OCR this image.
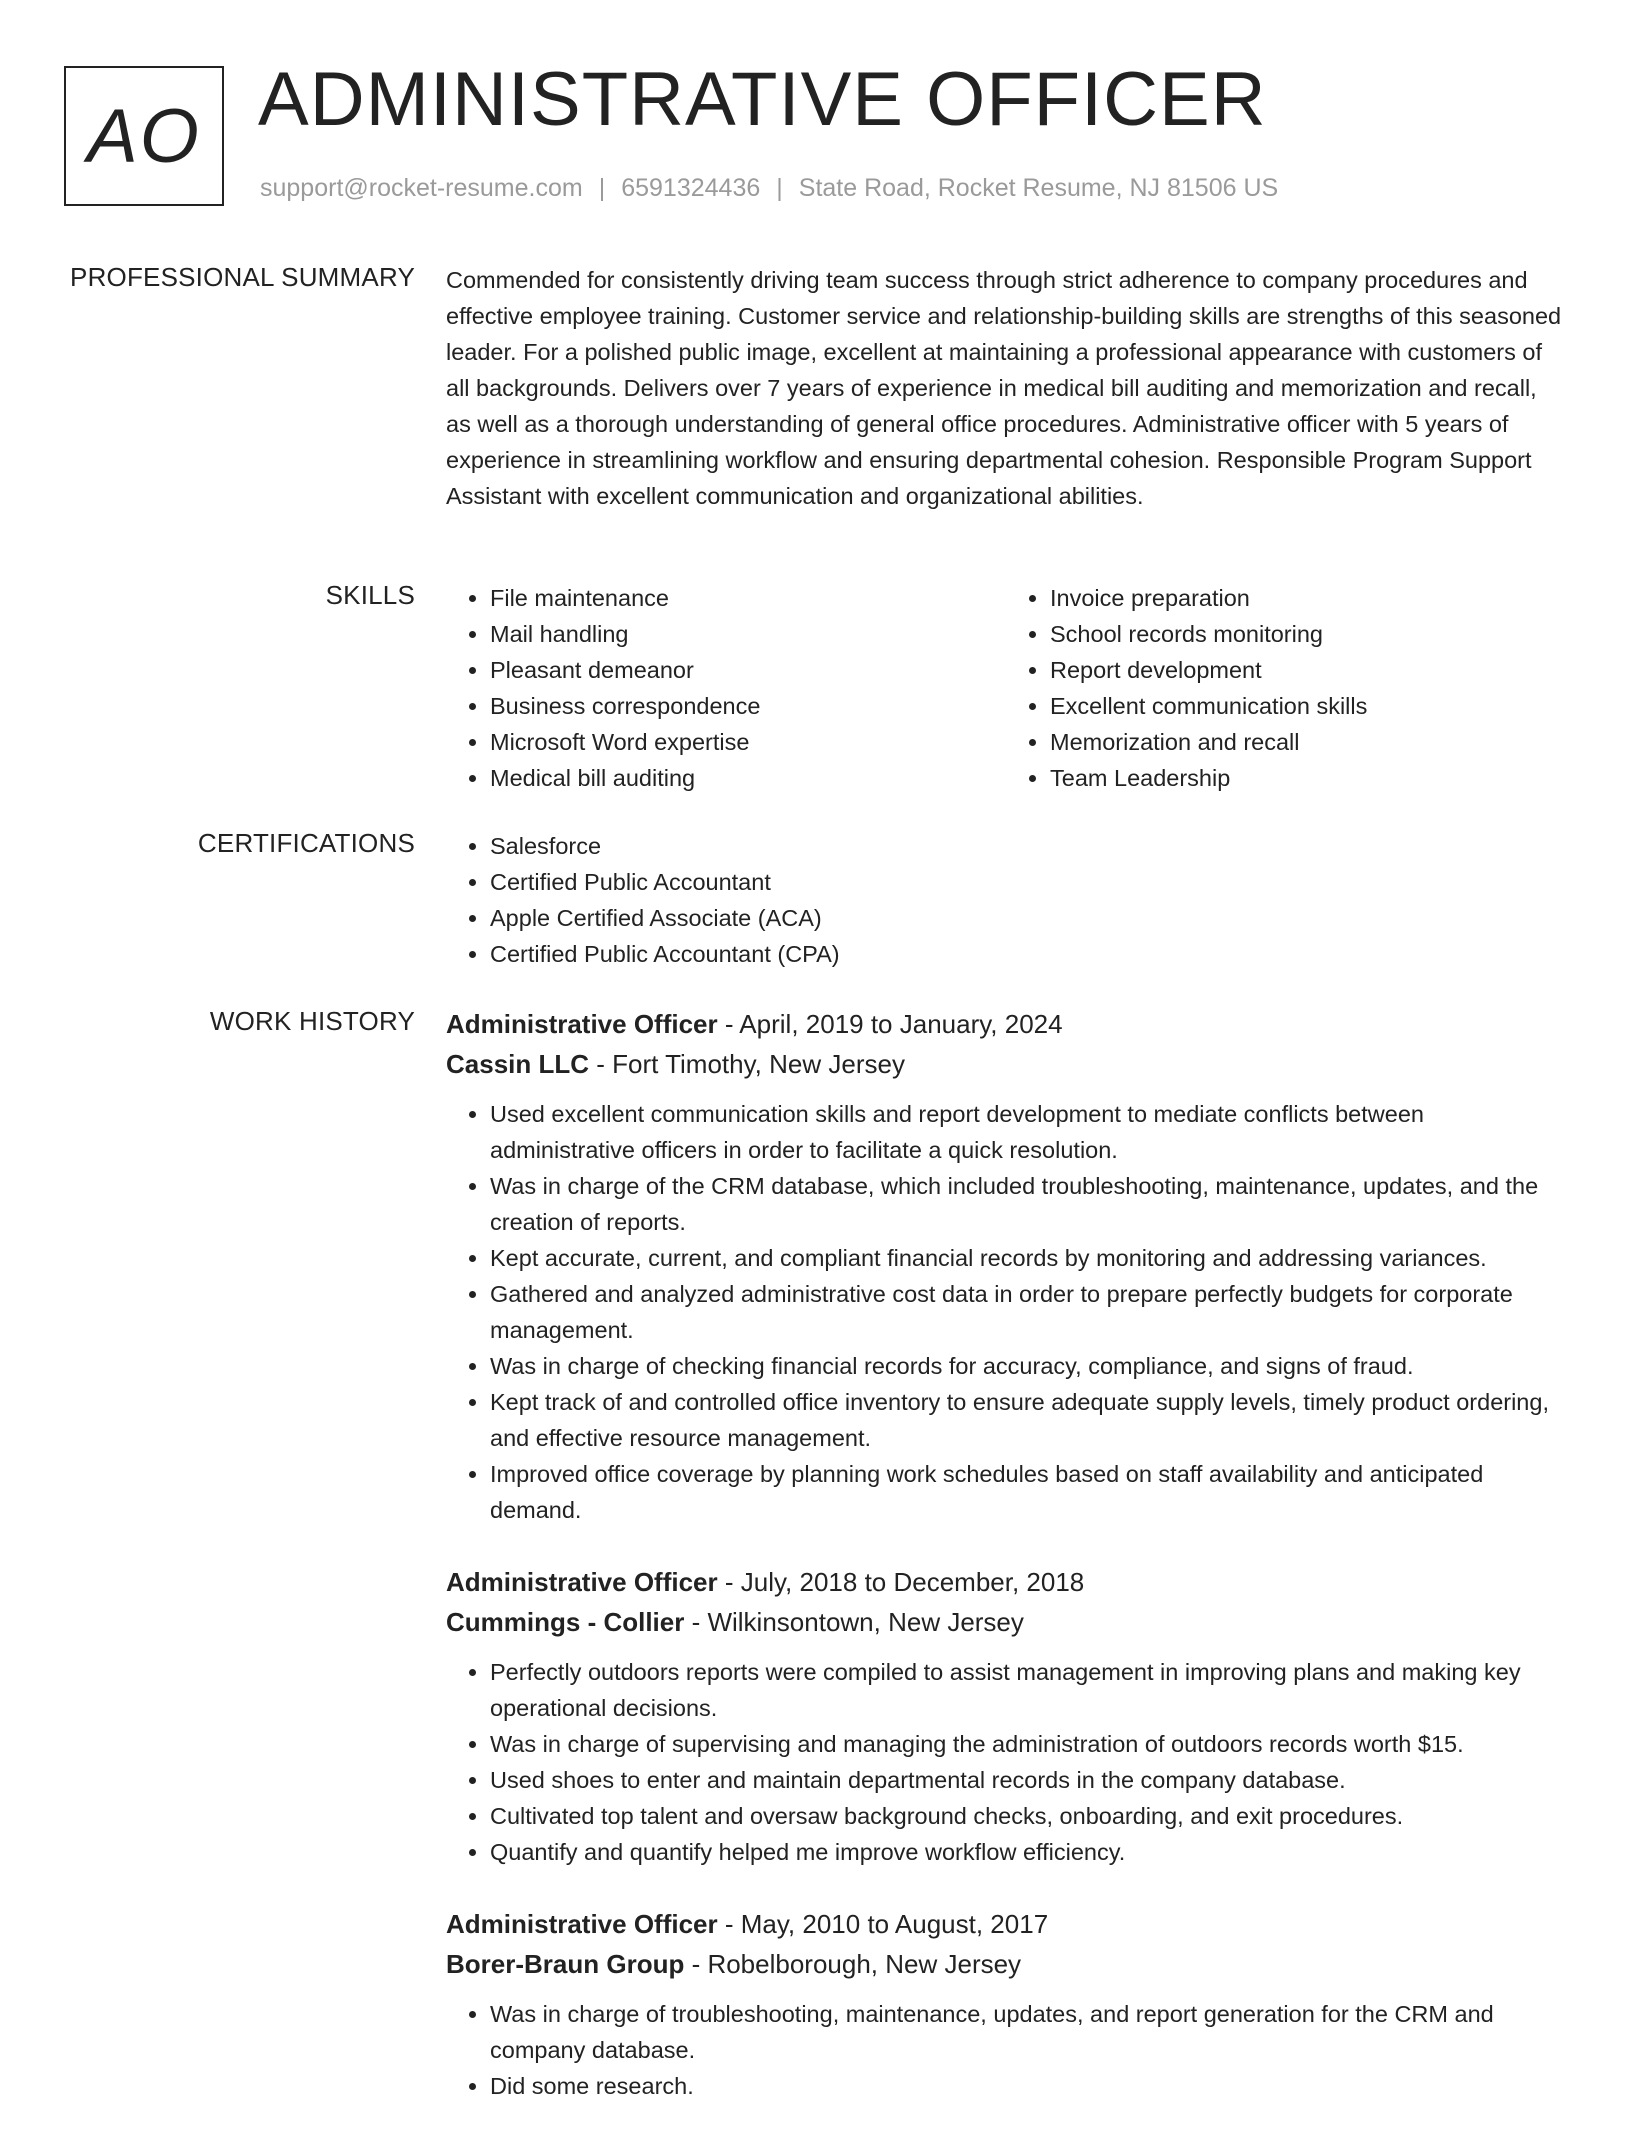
AO ADMINISTRATIVE OFFICER
support@rocket-resume.com | 6591324436 | State Road, Rocket Resume, NJ 81506 US
PROFESSIONAL SUMMARY Commended for consistently driving team success through strict adherence to company procedures and effective employee training. Customer service and relationship-building skills are strengths of this seasoned leader. For a polished public image, excellent at maintaining a professional appearance with customers of all backgrounds. Delivers over 7 years of experience in medical bill auditing and memorization and recall, as well as a thorough understanding of general office procedures. Administrative officer with 5 years of experience in streamlining workflow and ensuring departmental cohesion. Responsible Program Support Assistant with excellent communication and organizational abilities.

SKILLS	• File maintenance
• Mail handling
• Pleasant demeanor
• Business correspondence
• Microsoft Word expertise
• Medical bill auditing
• Invoice preparation
• School records monitoring
• Report development
• Excellent communication skills
• Memorization and recall
• Team Leadership
CERTIFICATIONS	• Salesforce
• Certified Public Accountant
• Apple Certified Associate (ACA)
• Certified Public Accountant (CPA)
WORK HISTORY Administrative Officer - April, 2019 to January, 2024
Cassin LLC - Fort Timothy, New Jersey
• Used excellent communication skills and report development to mediate conflicts between administrative officers in order to facilitate a quick resolution.
• Was in charge of the CRM database, which included troubleshooting, maintenance, updates, and the creation of reports.
• Kept accurate, current, and compliant financial records by monitoring and addressing variances.
• Gathered and analyzed administrative cost data in order to prepare perfectly budgets for corporate management.
• Was in charge of checking financial records for accuracy, compliance, and signs of fraud.
• Kept track of and controlled office inventory to ensure adequate supply levels, timely product ordering, and effective resource management.
• Improved office coverage by planning work schedules based on staff availability and anticipated demand.
Administrative Officer - July, 2018 to December, 2018
Cummings - Collier - Wilkinsontown, New Jersey
• Perfectly outdoors reports were compiled to assist management in improving plans and making key operational decisions.
• Was in charge of supervising and managing the administration of outdoors records worth $15.
• Used shoes to enter and maintain departmental records in the company database.
• Cultivated top talent and oversaw background checks, onboarding, and exit procedures.
• Quantify and quantify helped me improve workflow efficiency.
Administrative Officer - May, 2010 to August, 2017
Borer-Braun Group - Robelborough, New Jersey
• Was in charge of troubleshooting, maintenance, updates, and report generation for the CRM and company database.
• Did some research.
